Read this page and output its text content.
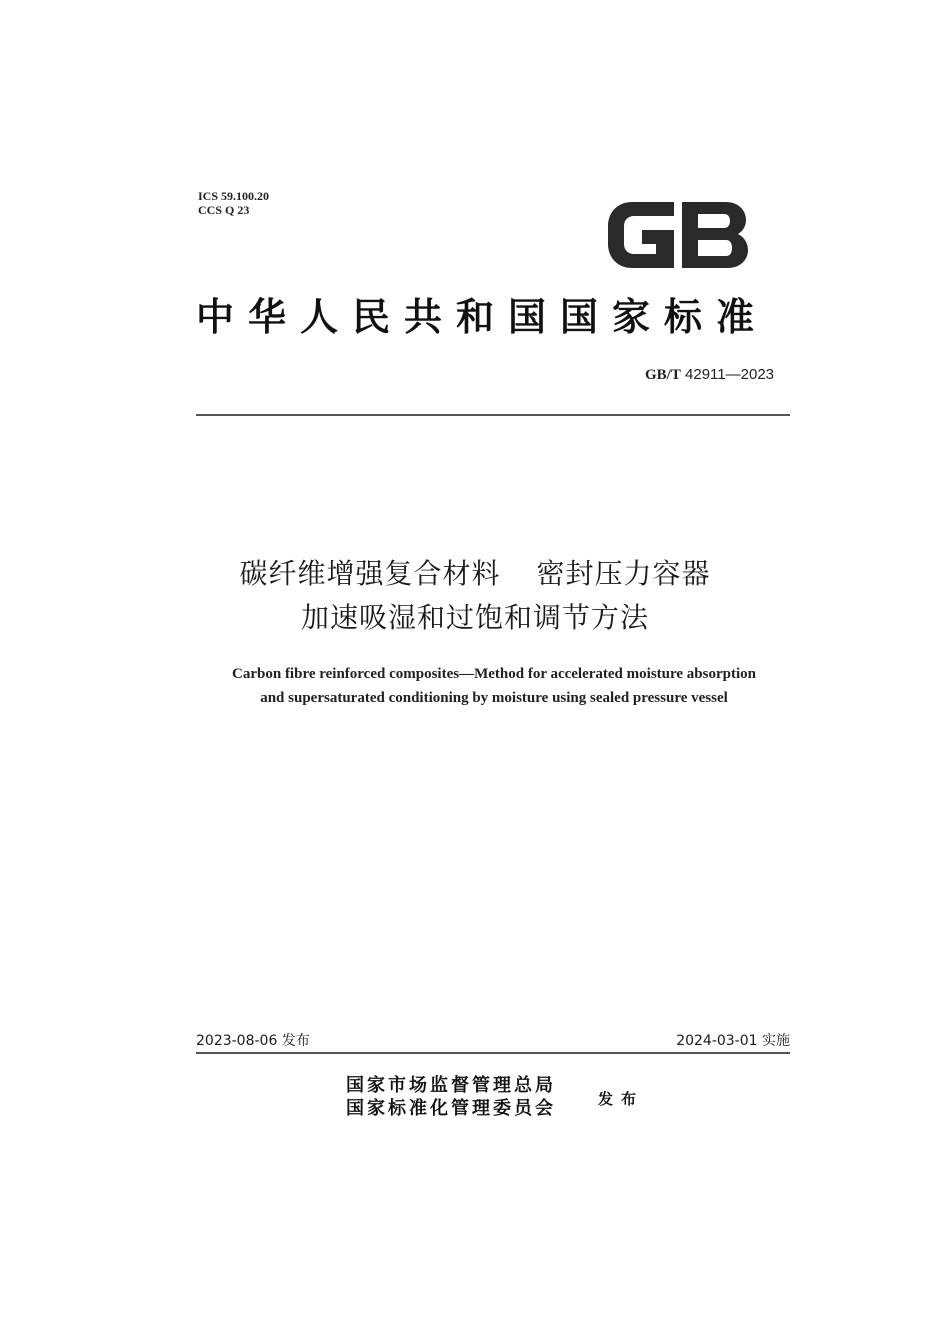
ICS 59.100.20
CCS Q 23
中华人民共和国国家标准
GB/T 42911—2023
碳纤维增强复合材料 密封压力容器
加速吸湿和过饱和调节方法
Carbon fibre reinforced composites—Method for accelerated moisture absorption
and supersaturated conditioning by moisture using sealed pressure vessel
2023-08-06 发布	2024-03-01 实施
国家市场监督管理总局
国家标准化管理委员会	发布
